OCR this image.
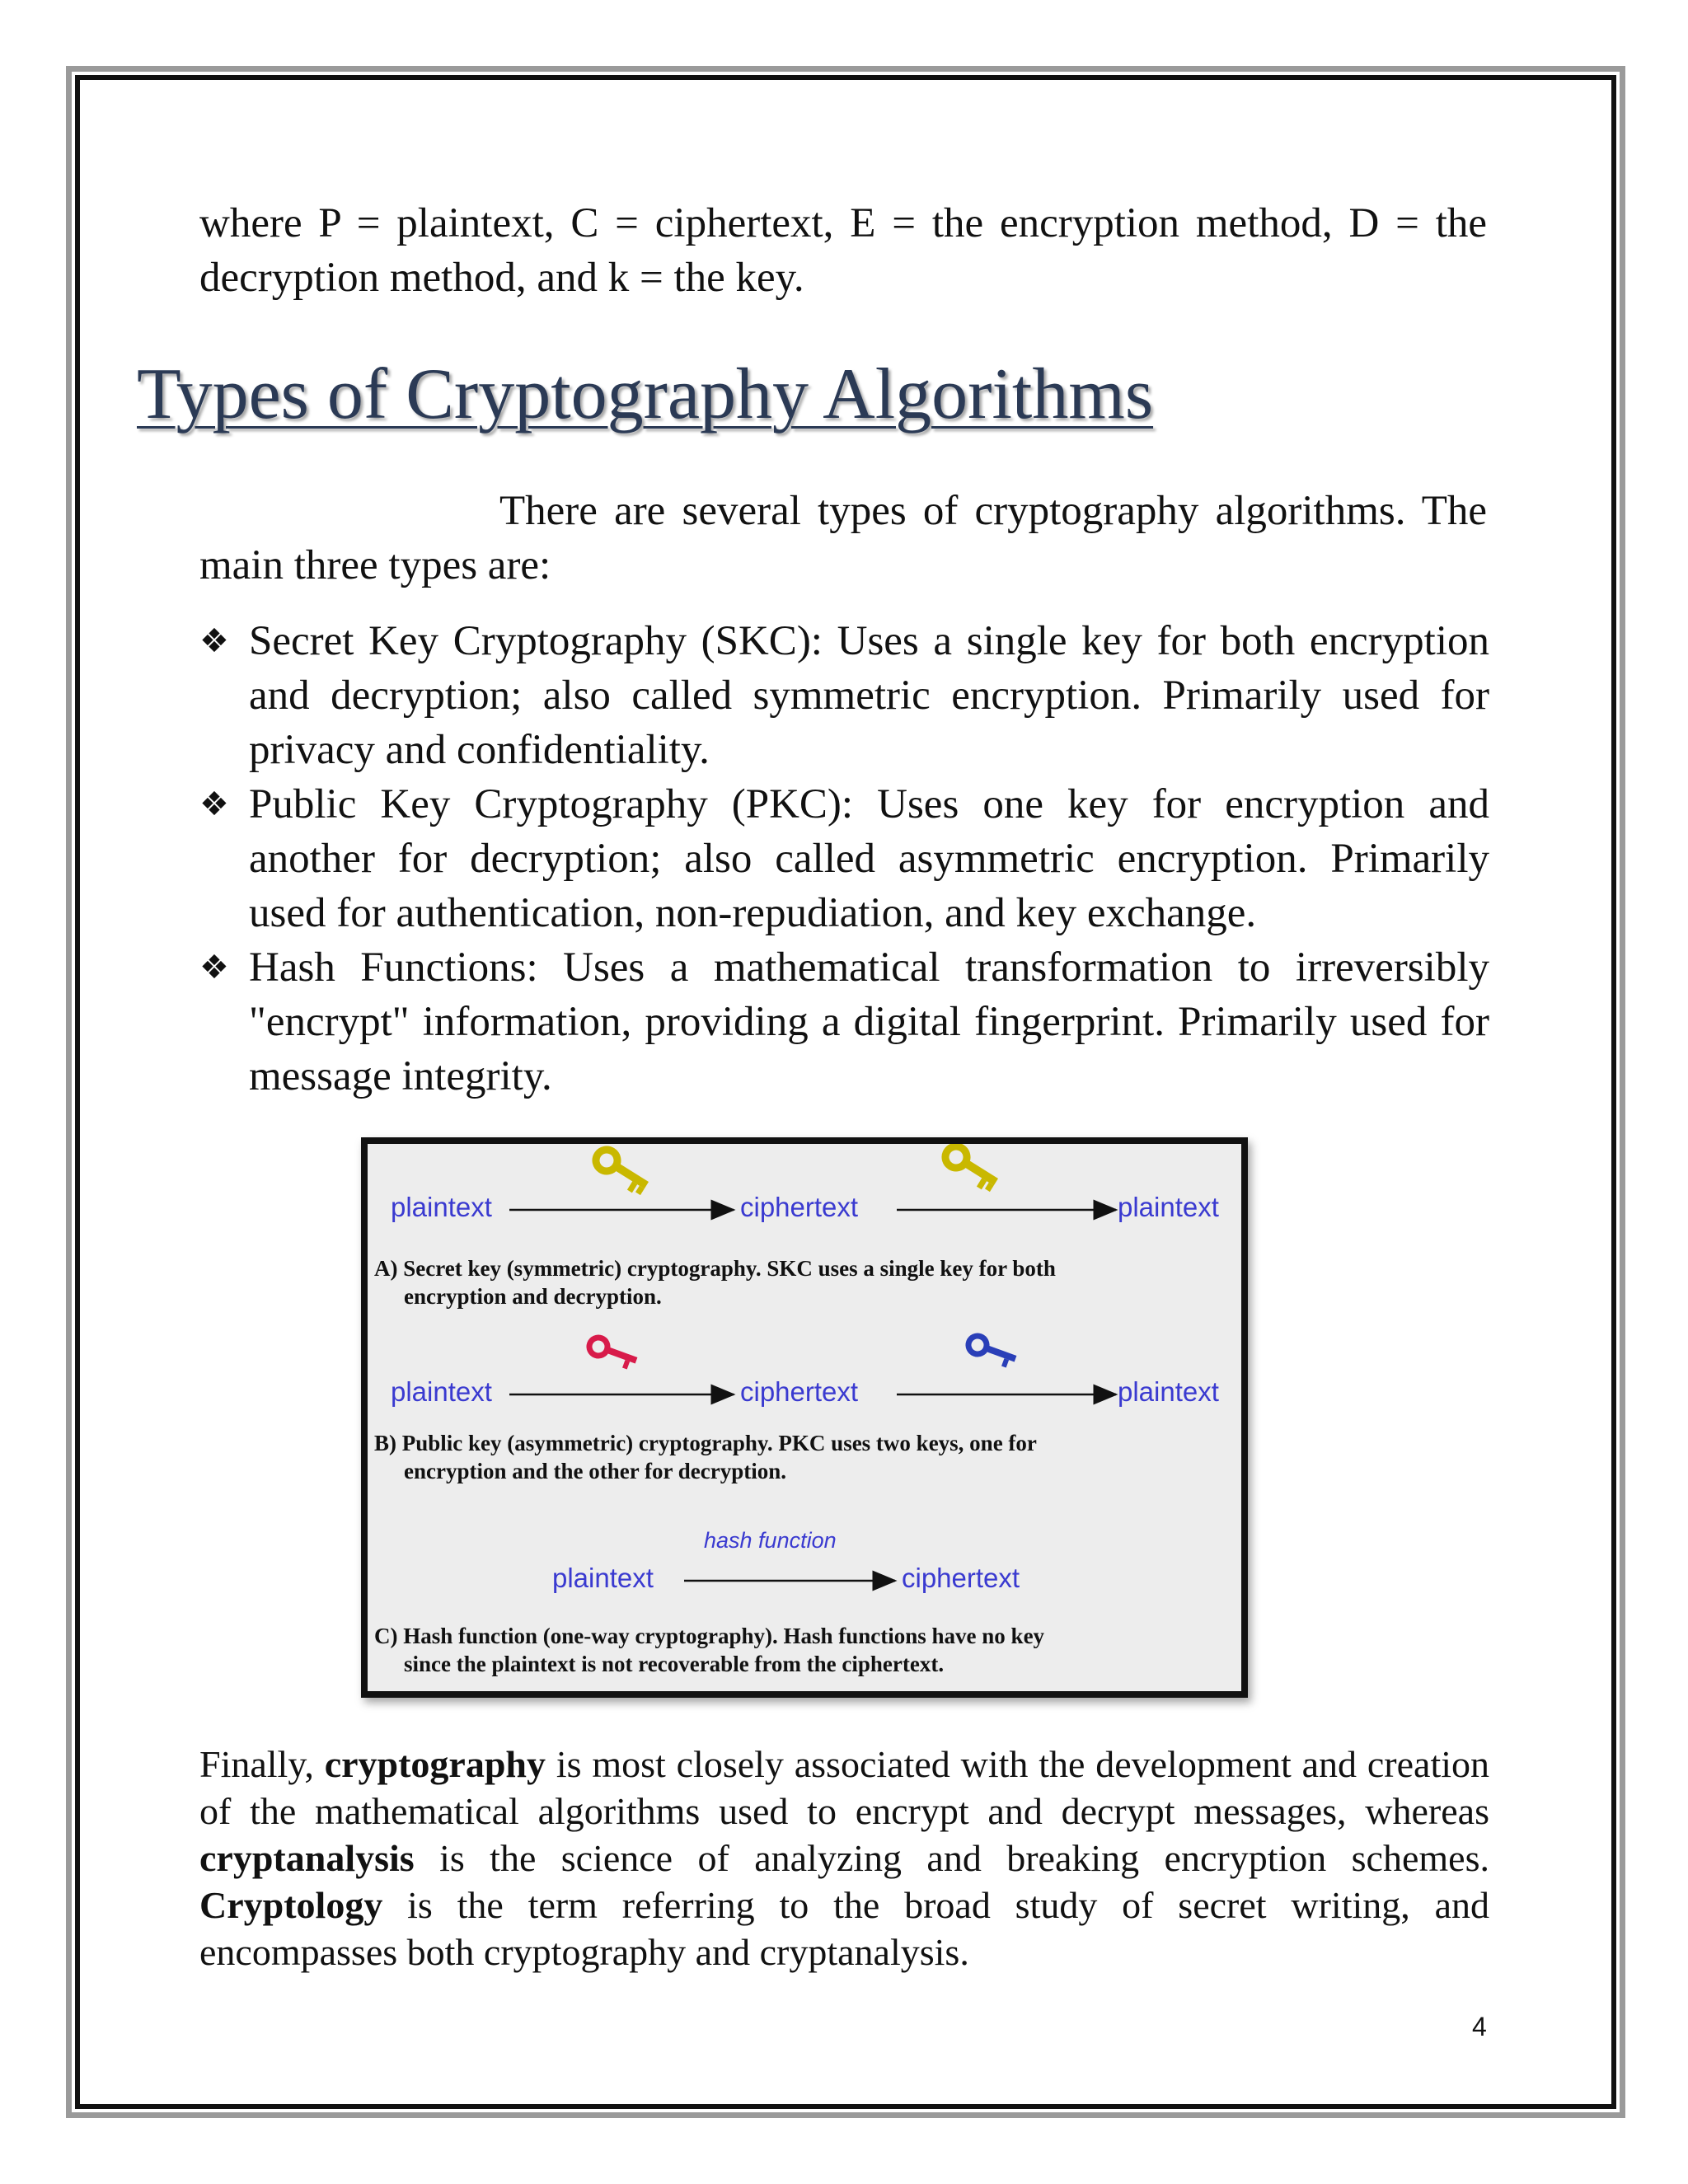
where P = plaintext, C = ciphertext, E = the encryption method, D = the decryption method, and k = the key.

Types of Cryptography Algorithms

There are several types of cryptography algorithms. The main three types are:

❖ Secret Key Cryptography (SKC): Uses a single key for both encryption and decryption; also called symmetric encryption. Primarily used for privacy and confidentiality.
❖ Public Key Cryptography (PKC): Uses one key for encryption and another for decryption; also called asymmetric encryption. Primarily used for authentication, non-repudiation, and key exchange.
❖ Hash Functions: Uses a mathematical transformation to irreversibly "encrypt" information, providing a digital fingerprint. Primarily used for message integrity.
plaintext	ciphertext	plaintext
A) Secret key (symmetric) cryptography. SKC uses a single key for both
encryption and decryption.
plaintext	ciphertext	plaintext
B) Public key (asymmetric) cryptography. PKC uses two keys, one for
encryption and the other for decryption.
hash function
plaintext	ciphertext
C) Hash function (one-way cryptography). Hash functions have no key
since the plaintext is not recoverable from the ciphertext.

Finally, cryptography is most closely associated with the development and creation of the mathematical algorithms used to encrypt and decrypt messages, whereas cryptanalysis is the science of analyzing and breaking encryption schemes. Cryptology is the term referring to the broad study of secret writing, and encompasses both cryptography and cryptanalysis.

4
